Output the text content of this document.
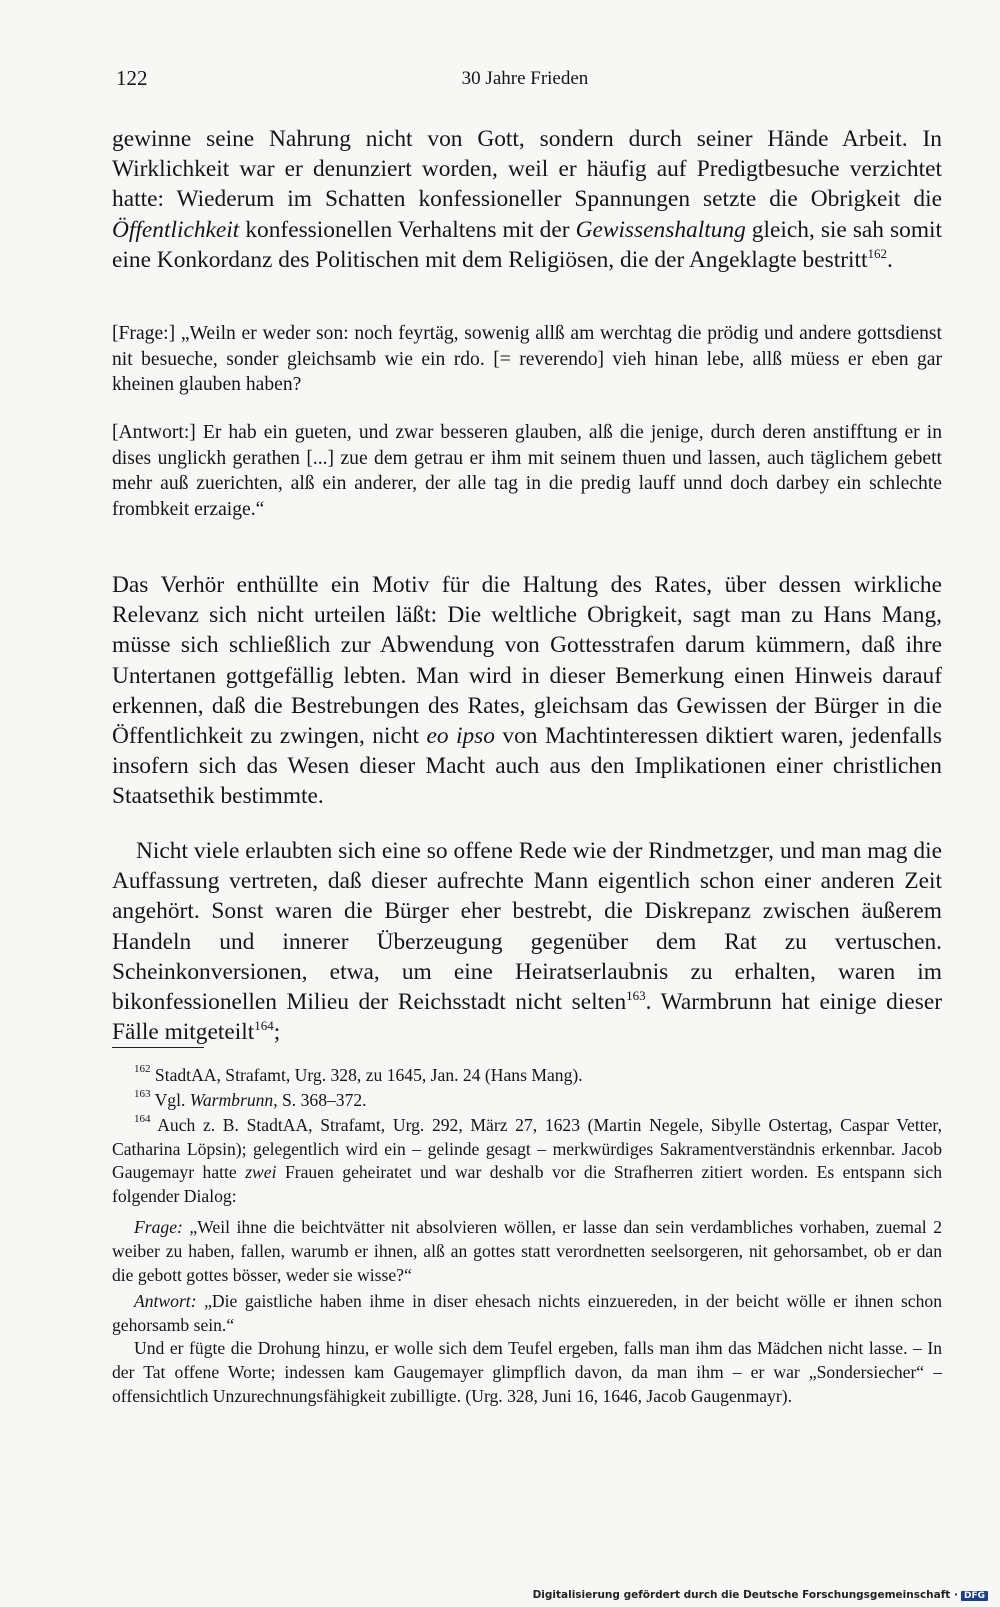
122	30 Jahre Frieden
gewinne seine Nahrung nicht von Gott, sondern durch seiner Hände Arbeit. In Wirklichkeit war er denunziert worden, weil er häufig auf Predigtbesuche verzichtet hatte: Wiederum im Schatten konfessioneller Spannungen setzte die Obrigkeit die Öffentlichkeit konfessionellen Verhaltens mit der Gewissenshaltung gleich, sie sah somit eine Konkordanz des Politischen mit dem Religiösen, die der Angeklagte bestritt$^{162}$.
[Frage:] „Weiln er weder son: noch feyrtäg, sowenig allß am werchtag die prödig und andere gottsdienst nit besueche, sonder gleichsamb wie ein rdo. [= reverendo] vieh hinan lebe, allß müess er eben gar kheinen glauben haben?
[Antwort:] Er hab ein gueten, und zwar besseren glauben, alß die jenige, durch deren anstifftung er in dises unglickh gerathen [...] zue dem getrau er ihm mit seinem thuen und lassen, auch täglichem gebett mehr auß zuerichten, alß ein anderer, der alle tag in die predig lauff unnd doch darbey ein schlechte frombkeit erzaige.“
Das Verhör enthüllte ein Motiv für die Haltung des Rates, über dessen wirkliche Relevanz sich nicht urteilen läßt: Die weltliche Obrigkeit, sagt man zu Hans Mang, müsse sich schließlich zur Abwendung von Gottesstrafen darum kümmern, daß ihre Untertanen gottgefällig lebten. Man wird in dieser Bemerkung einen Hinweis darauf erkennen, daß die Bestrebungen des Rates, gleichsam das Gewissen der Bürger in die Öffentlichkeit zu zwingen, nicht eo ipso von Machtinteressen diktiert waren, jedenfalls insofern sich das Wesen dieser Macht auch aus den Implikationen einer christlichen Staatsethik bestimmte.
Nicht viele erlaubten sich eine so offene Rede wie der Rindmetzger, und man mag die Auffassung vertreten, daß dieser aufrechte Mann eigentlich schon einer anderen Zeit angehört. Sonst waren die Bürger eher bestrebt, die Diskrepanz zwischen äußerem Handeln und innerer Überzeugung gegenüber dem Rat zu vertuschen. Scheinkonversionen, etwa, um eine Heiratserlaubnis zu erhalten, waren im bikonfessionellen Milieu der Reichsstadt nicht selten$^{163}$. Warmbrunn hat einige dieser Fälle mitgeteilt$^{164}$;
$^{162}$ StadtAA, Strafamt, Urg. 328, zu 1645, Jan. 24 (Hans Mang).
$^{163}$ Vgl. Warmbrunn, S. 368–372.
$^{164}$ Auch z. B. StadtAA, Strafamt, Urg. 292, März 27, 1623 (Martin Negele, Sibylle Ostertag, Caspar Vetter, Catharina Löpsin); gelegentlich wird ein – gelinde gesagt – merkwürdiges Sakramentverständnis erkennbar. Jacob Gaugemayr hatte zwei Frauen geheiratet und war deshalb vor die Strafherren zitiert worden. Es entspann sich folgender Dialog:
Frage: „Weil ihne die beichtvätter nit absolvieren wöllen, er lasse dan sein verdambliches vorhaben, zuemal 2 weiber zu haben, fallen, warumb er ihnen, alß an gottes statt verordnetten seelsorgeren, nit gehorsambet, ob er dan die gebott gottes bösser, weder sie wisse?“
Antwort: „Die gaistliche haben ihme in diser ehesach nichts einzuereden, in der beicht wölle er ihnen schon gehorsamb sein.“
Und er fügte die Drohung hinzu, er wolle sich dem Teufel ergeben, falls man ihm das Mädchen nicht lasse. – In der Tat offene Worte; indessen kam Gaugemayer glimpflich davon, da man ihm – er war „Sondersiecher“ – offensichtlich Unzurechnungsfähigkeit zubilligte. (Urg. 328, Juni 16, 1646, Jacob Gaugenmayr).
Digitalisierung gefördert durch die Deutsche Forschungsgemeinschaft · DFG
